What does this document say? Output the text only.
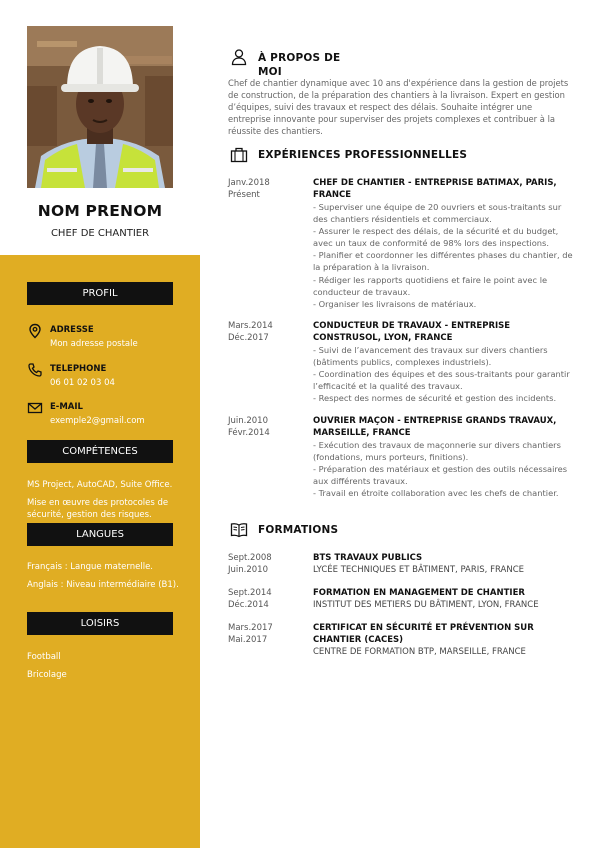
NOM PRENOM
CHEF DE CHANTIER
PROFIL
ADRESSE
Mon adresse postale
TELEPHONE
06 01 02 03 04
E-MAIL
exemple2@gmail.com
COMPÉTENCES
MS Project, AutoCAD, Suite Office.
Mise en œuvre des protocoles de sécurité, gestion des risques.
LANGUES
Français : Langue maternelle.
Anglais : Niveau intermédiaire (B1).
LOISIRS
Football
Bricolage
À PROPOS DE MOI
Chef de chantier dynamique avec 10 ans d'expérience dans la gestion de projets de construction, de la préparation des chantiers à la livraison. Expert en gestion d’équipes, suivi des travaux et respect des délais. Souhaite intégrer une entreprise innovante pour superviser des projets complexes et contribuer à la réussite des chantiers.
EXPÉRIENCES PROFESSIONNELLES
Janv.2018
Présent
CHEF DE CHANTIER - ENTREPRISE BATIMAX, PARIS, FRANCE
- Superviser une équipe de 20 ouvriers et sous-traitants sur des chantiers résidentiels et commerciaux.
- Assurer le respect des délais, de la sécurité et du budget, avec un taux de conformité de 98% lors des inspections.
- Planifier et coordonner les différentes phases du chantier, de la préparation à la livraison.
- Rédiger les rapports quotidiens et faire le point avec le conducteur de travaux.
- Organiser les livraisons de matériaux.
Mars.2014
Déc.2017
CONDUCTEUR DE TRAVAUX - ENTREPRISE CONSTRUSOL, LYON, FRANCE
- Suivi de l’avancement des travaux sur divers chantiers (bâtiments publics, complexes industriels).
- Coordination des équipes et des sous-traitants pour garantir l’efficacité et la qualité des travaux.
- Respect des normes de sécurité et gestion des incidents.
Juin.2010
Févr.2014
OUVRIER MAÇON - ENTREPRISE GRANDS TRAVAUX, MARSEILLE, FRANCE
- Exécution des travaux de maçonnerie sur divers chantiers (fondations, murs porteurs, finitions).
- Préparation des matériaux et gestion des outils nécessaires aux différents travaux.
- Travail en étroite collaboration avec les chefs de chantier.
FORMATIONS
Sept.2008
Juin.2010
BTS TRAVAUX PUBLICS
LYCÉE TECHNIQUES ET BÂTIMENT, PARIS, FRANCE
Sept.2014
Déc.2014
FORMATION EN MANAGEMENT DE CHANTIER
INSTITUT DES METIERS DU BÂTIMENT, LYON, FRANCE
Mars.2017
Mai.2017
CERTIFICAT EN SÉCURITÉ ET PRÉVENTION SUR CHANTIER (CACES)
CENTRE DE FORMATION BTP, MARSEILLE, FRANCE
